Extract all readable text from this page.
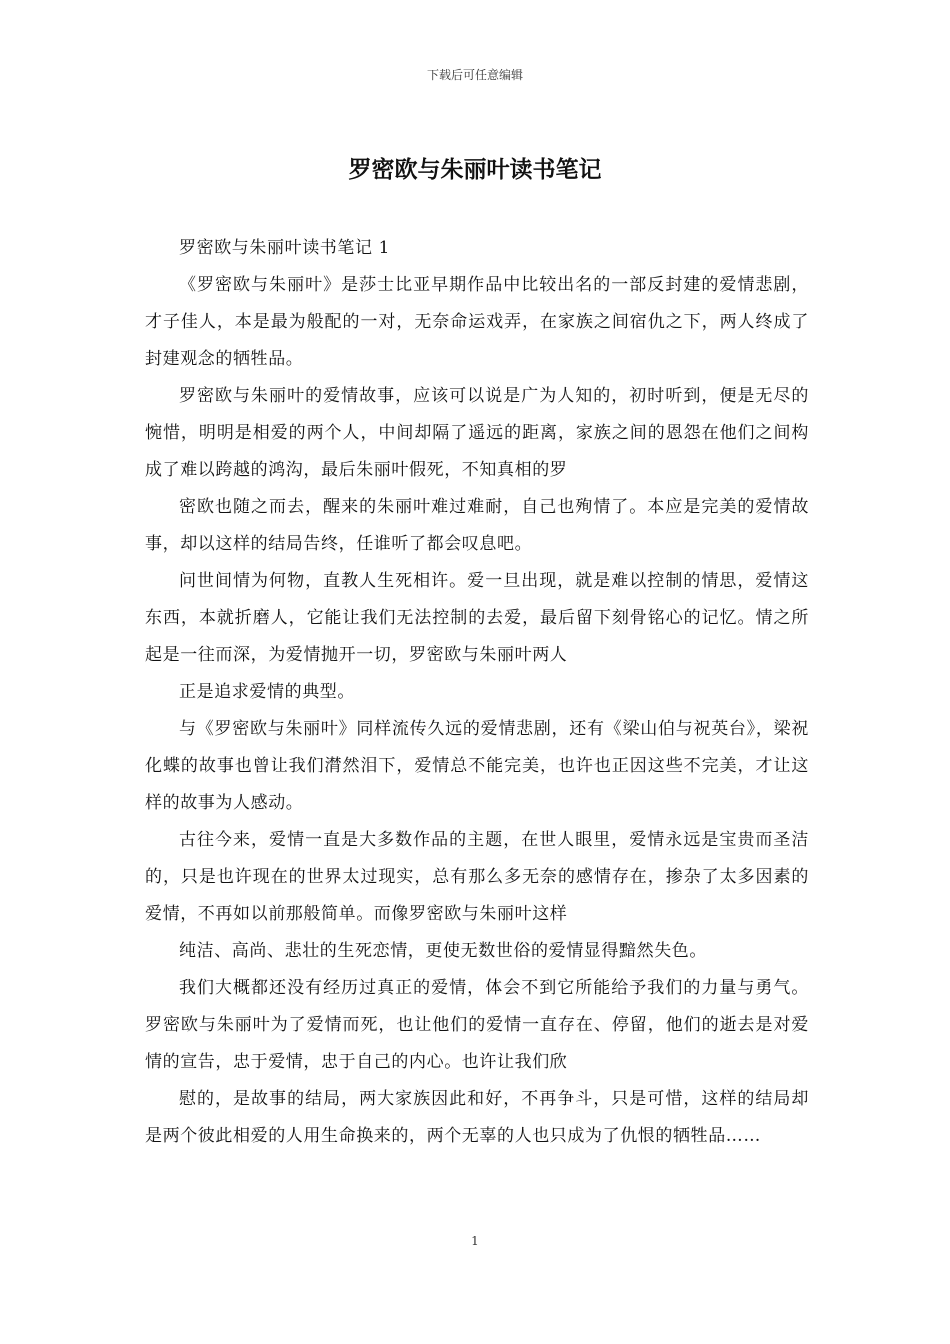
下载后可任意编辑
罗密欧与朱丽叶读书笔记

罗密欧与朱丽叶读书笔记 1

《罗密欧与朱丽叶》是莎士比亚早期作品中比较出名的一部反封建的爱情悲剧，才子佳人，本是最为般配的一对，无奈命运戏弄，在家族之间宿仇之下，两人终成了封建观念的牺牲品。

罗密欧与朱丽叶的爱情故事，应该可以说是广为人知的，初时听到，便是无尽的惋惜，明明是相爱的两个人，中间却隔了遥远的距离，家族之间的恩怨在他们之间构成了难以跨越的鸿沟，最后朱丽叶假死，不知真相的罗

密欧也随之而去，醒来的朱丽叶难过难耐，自己也殉情了。本应是完美的爱情故事，却以这样的结局告终，任谁听了都会叹息吧。

问世间情为何物，直教人生死相许。爱一旦出现，就是难以控制的情思，爱情这东西，本就折磨人，它能让我们无法控制的去爱，最后留下刻骨铭心的记忆。情之所起是一往而深，为爱情抛开一切，罗密欧与朱丽叶两人

正是追求爱情的典型。

与《罗密欧与朱丽叶》同样流传久远的爱情悲剧，还有《梁山伯与祝英台》，梁祝化蝶的故事也曾让我们潸然泪下，爱情总不能完美，也许也正因这些不完美，才让这样的故事为人感动。

古往今来，爱情一直是大多数作品的主题，在世人眼里，爱情永远是宝贵而圣洁的，只是也许现在的世界太过现实，总有那么多无奈的感情存在，掺杂了太多因素的爱情，不再如以前那般简单。而像罗密欧与朱丽叶这样

纯洁、高尚、悲壮的生死恋情，更使无数世俗的爱情显得黯然失色。

我们大概都还没有经历过真正的爱情，体会不到它所能给予我们的力量与勇气。罗密欧与朱丽叶为了爱情而死，也让他们的爱情一直存在、停留，他们的逝去是对爱情的宣告，忠于爱情，忠于自己的内心。也许让我们欣

慰的，是故事的结局，两大家族因此和好，不再争斗，只是可惜，这样的结局却是两个彼此相爱的人用生命换来的，两个无辜的人也只成为了仇恨的牺牲品……

1
